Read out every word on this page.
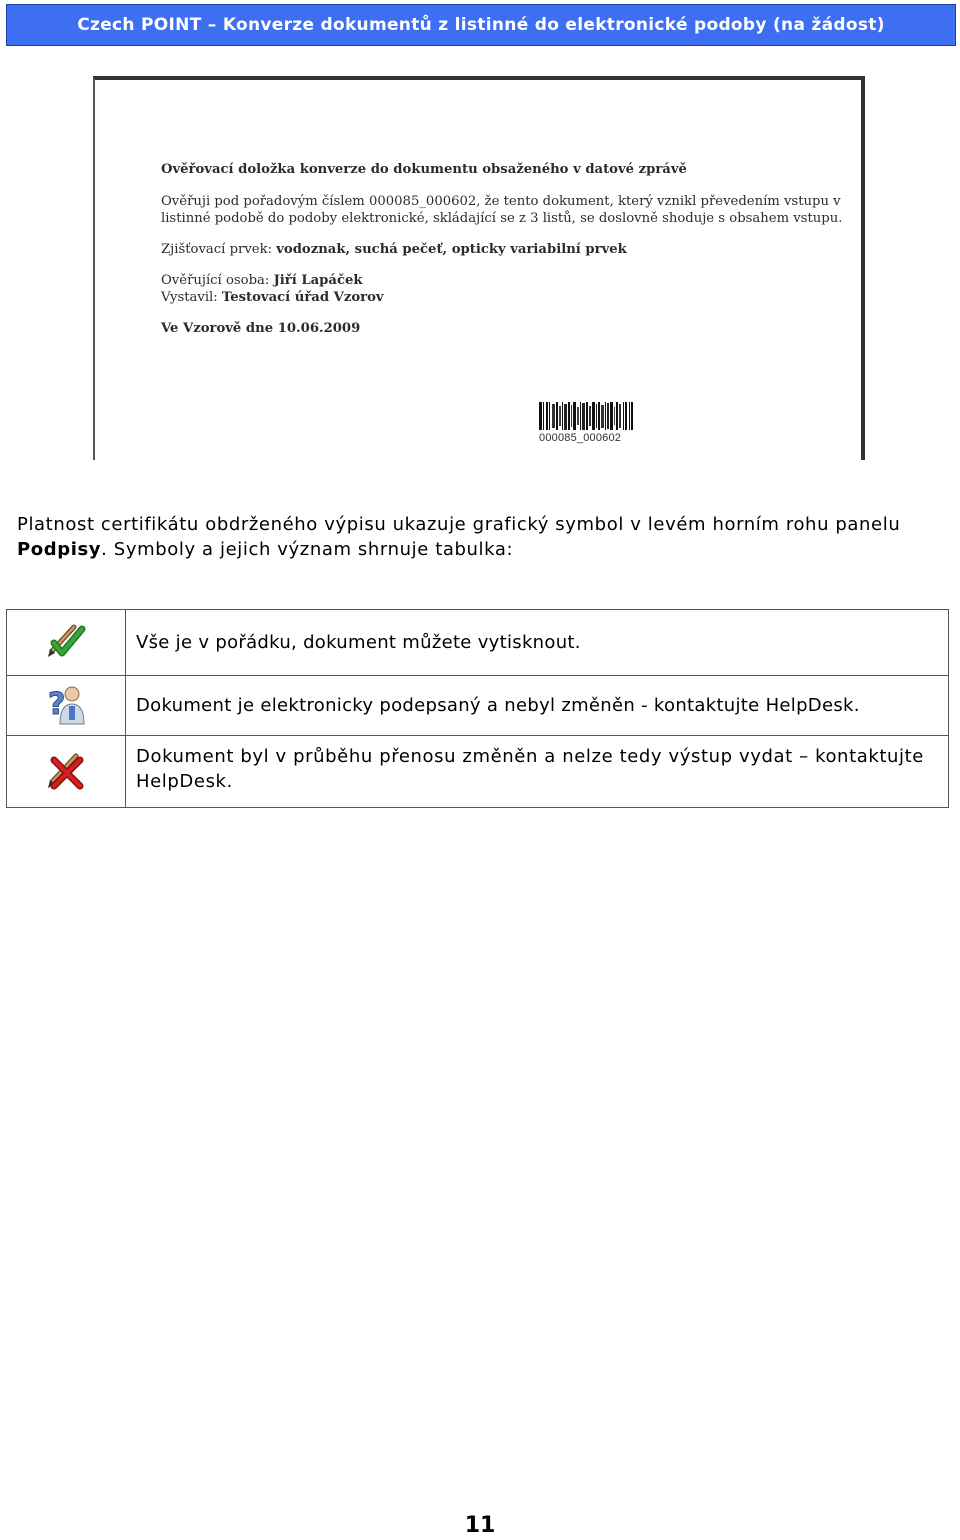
Czech POINT – Konverze dokumentů z listinné do elektronické podoby (na žádost)
Ověřovací doložka konverze do dokumentu obsaženého v datové zprávě
Ověřuji pod pořadovým číslem 000085_000602, že tento dokument, který vznikl převedením vstupu v
listinné podobě do podoby elektronické, skládající se z 3 listů, se doslovně shoduje s obsahem vstupu.
Zjišťovací prvek: vodoznak, suchá pečeť, opticky variabilní prvek
Ověřující osoba: Jiří Lapáček
Vystavil: Testovací úřad Vzorov
Ve Vzorově dne 10.06.2009
000085_000602
Platnost certifikátu obdrženého výpisu ukazuje grafický symbol v levém horním rohu panelu Podpisy. Symboly a jejich význam shrnuje tabulka:
	Vše je v pořádku, dokument můžete vytisknout.

?	Dokument je elektronicky podepsaný a nebyl změněn - kontaktujte HelpDesk.
	Dokument byl v průběhu přenosu změněn a nelze tedy výstup vydat – kontaktujte HelpDesk.
11
